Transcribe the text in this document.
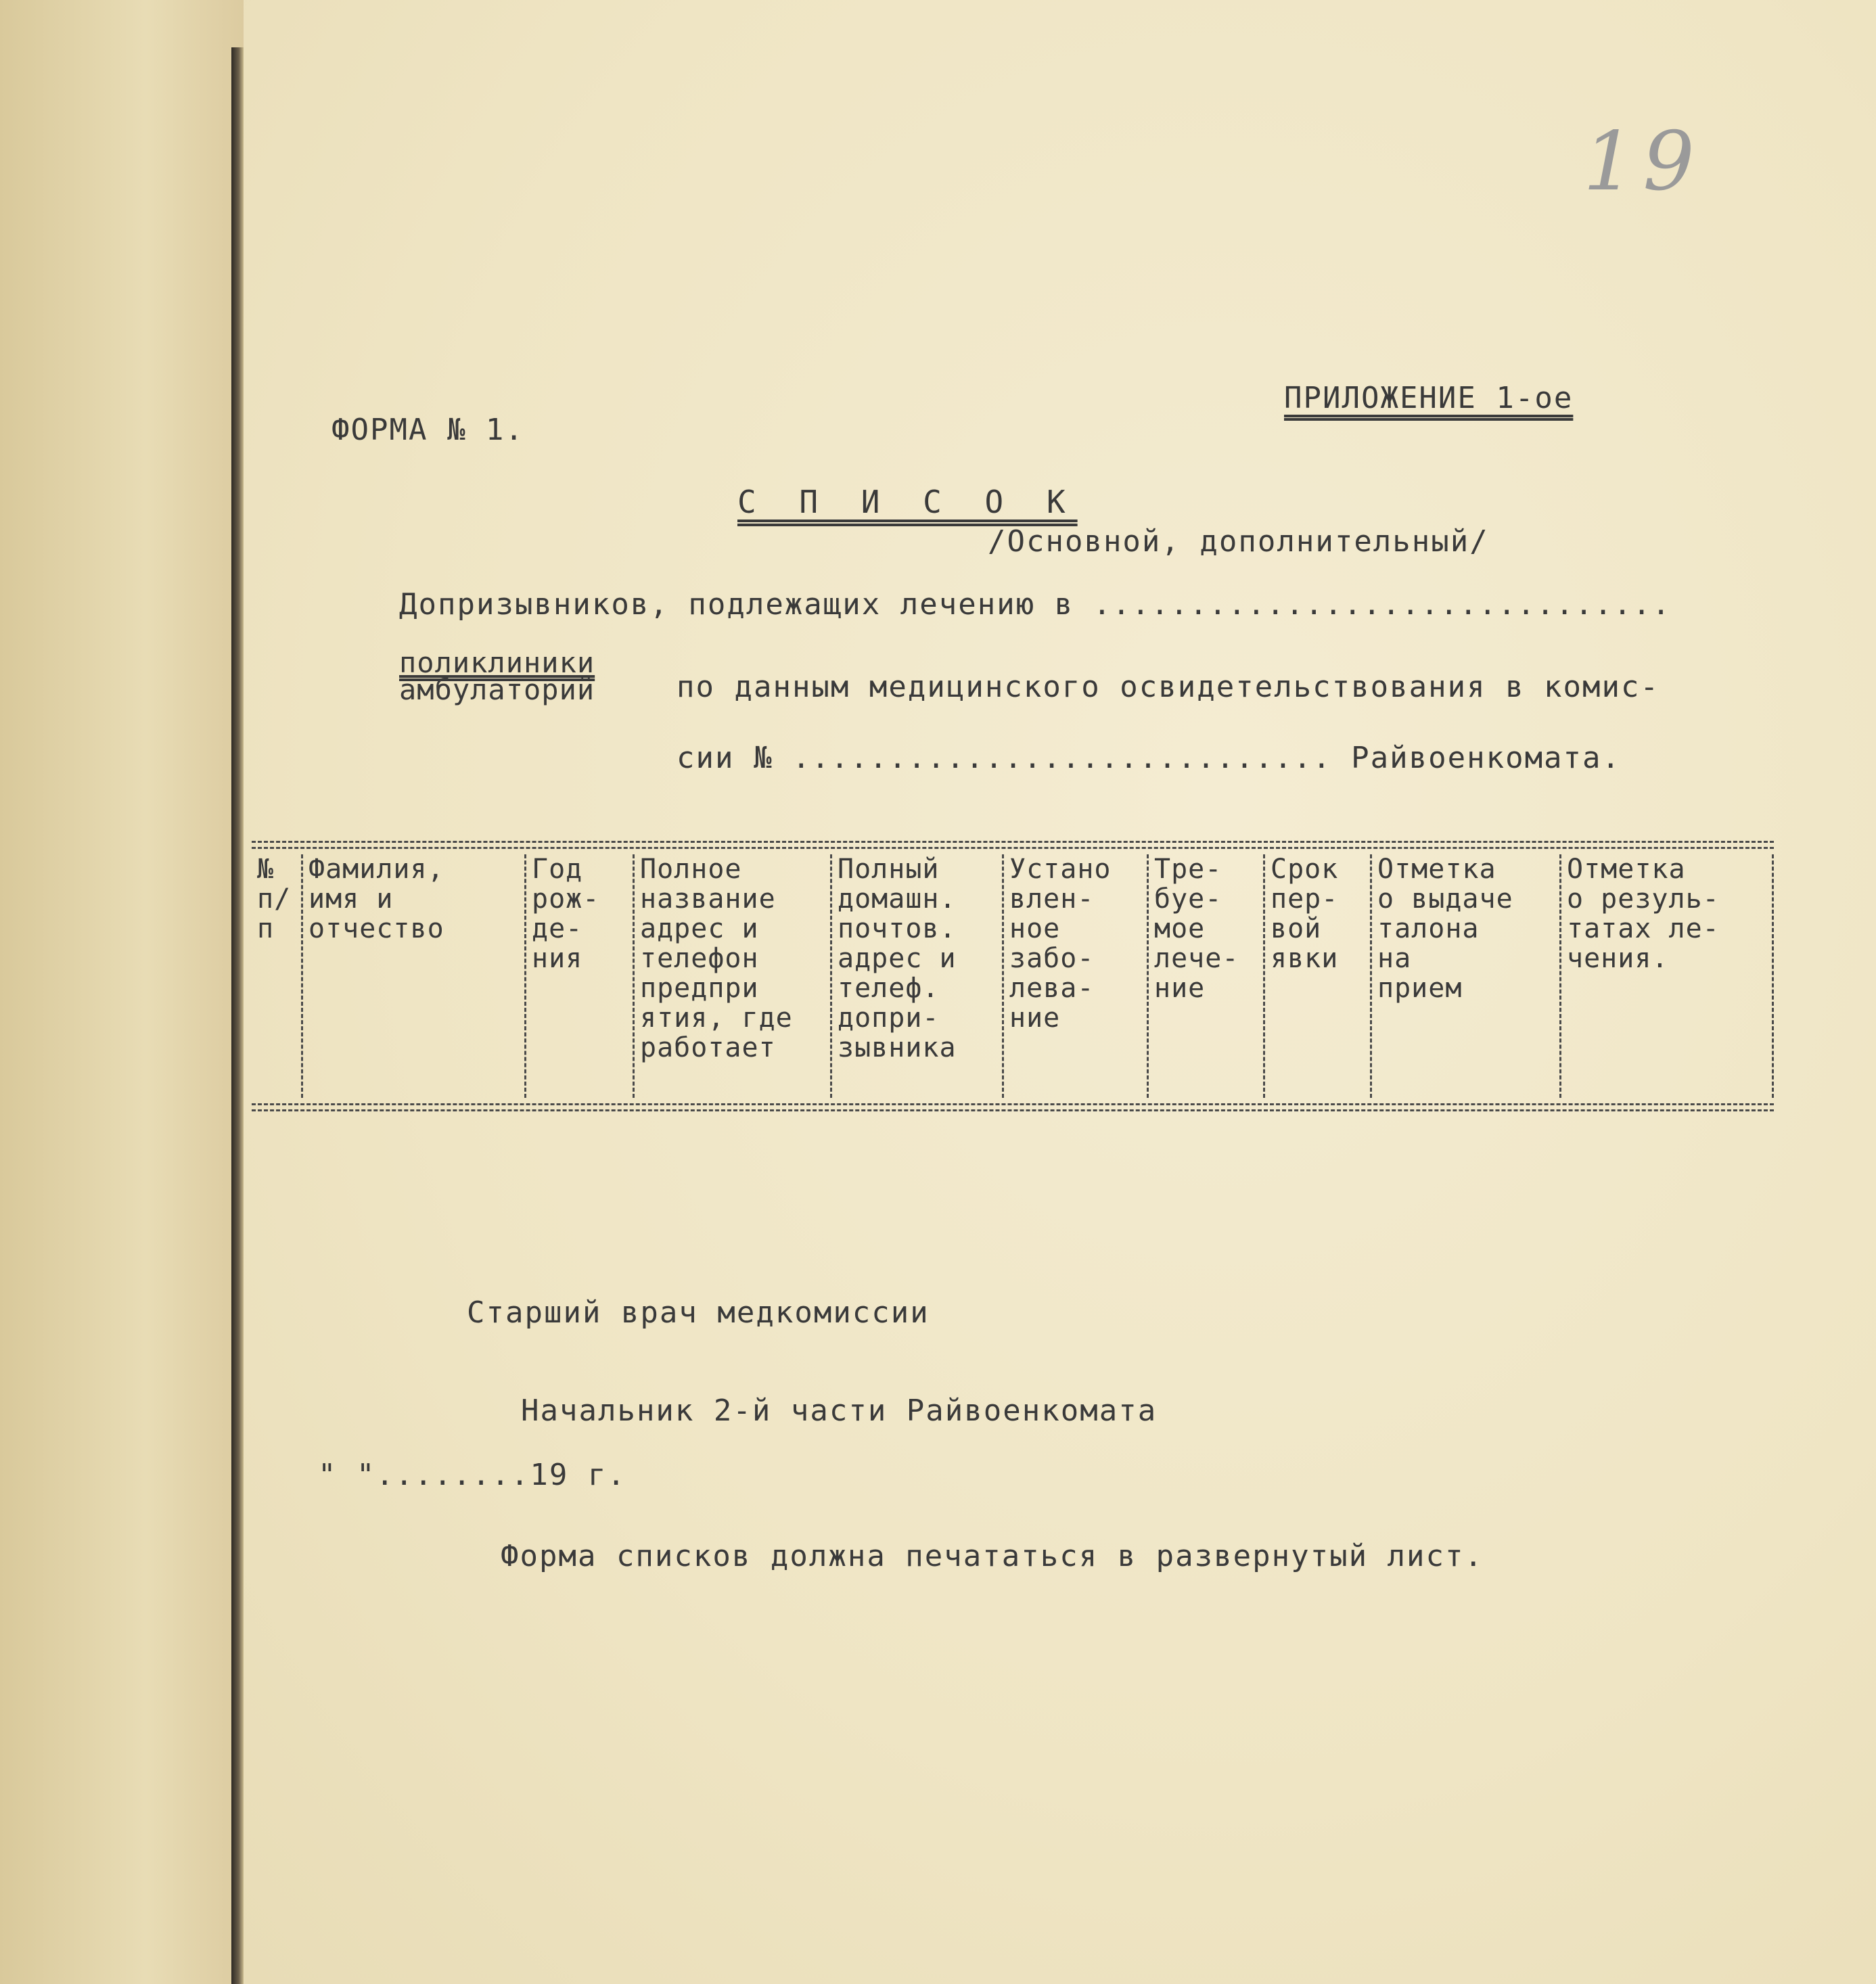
19
ФОРМА № 1.
ПРИЛОЖЕНИЕ 1-ое
С П И С О К
/Основной, дополнительный/
Допризывников, подлежащих лечению в ..............................
поликлиники
амбулаторий	по данным медицинского освидетельствования в комис-
сии № ............................ Райвоенкомата.
№
п/п
Фамилия,
имя и
отчество
Год
рож-
де-
ния
Полное
название
адрес и
телефон
предпри
ятия, где
работает
Полный
домашн.
почтов.
адрес и
телеф.
допри-
зывника
Устано
влен-
ное
забо-
лева-
ние
Тре-
буе-
мое
лече-
ние
Срок
пер-
вой
явки
Отметка
о выдаче
талона
на
прием
Отметка
о резуль-
татах ле-
чения.
Старший врач медкомиссии
Начальник 2-й части Райвоенкомата
" "........19 г.
Форма списков должна печататься в развернутый лист.
